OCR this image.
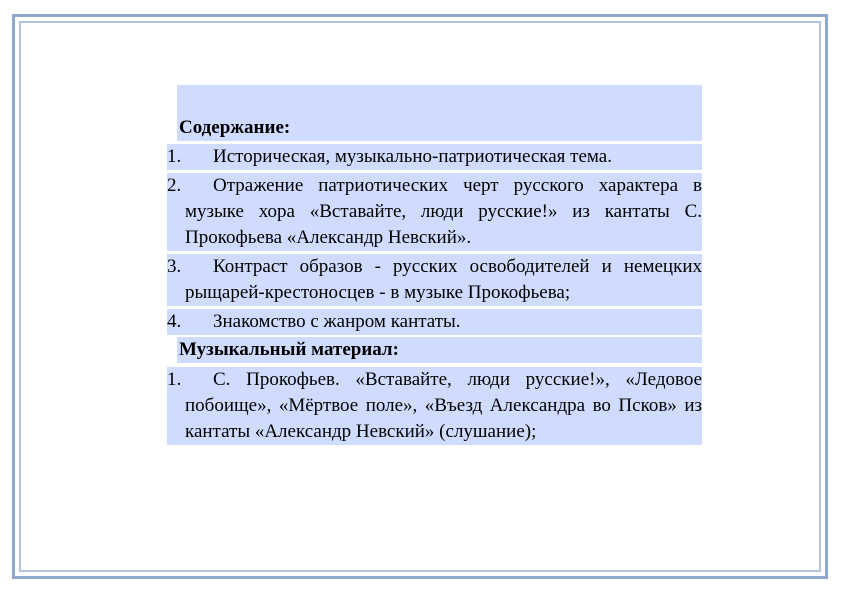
Содержание:
1.	Историческая, музыкально-патриотическая тема.
2.	Отражение патриотических черт русского характера в музыке хора «Вставайте, люди русские!» из кантаты С. Прокофьева «Александр Невский».
3.	Контраст образов - русских освободителей и немецких рыщарей-крестоносцев - в музыке Прокофьева;
4.	Знакомство с жанром кантаты.
Музыкальный материал:
1.	С. Прокофьев. «Вставайте, люди русские!», «Ледовое побоище», «Мёртвое поле», «Въезд Александра во Псков» из кантаты «Александр Невский» (слушание);
